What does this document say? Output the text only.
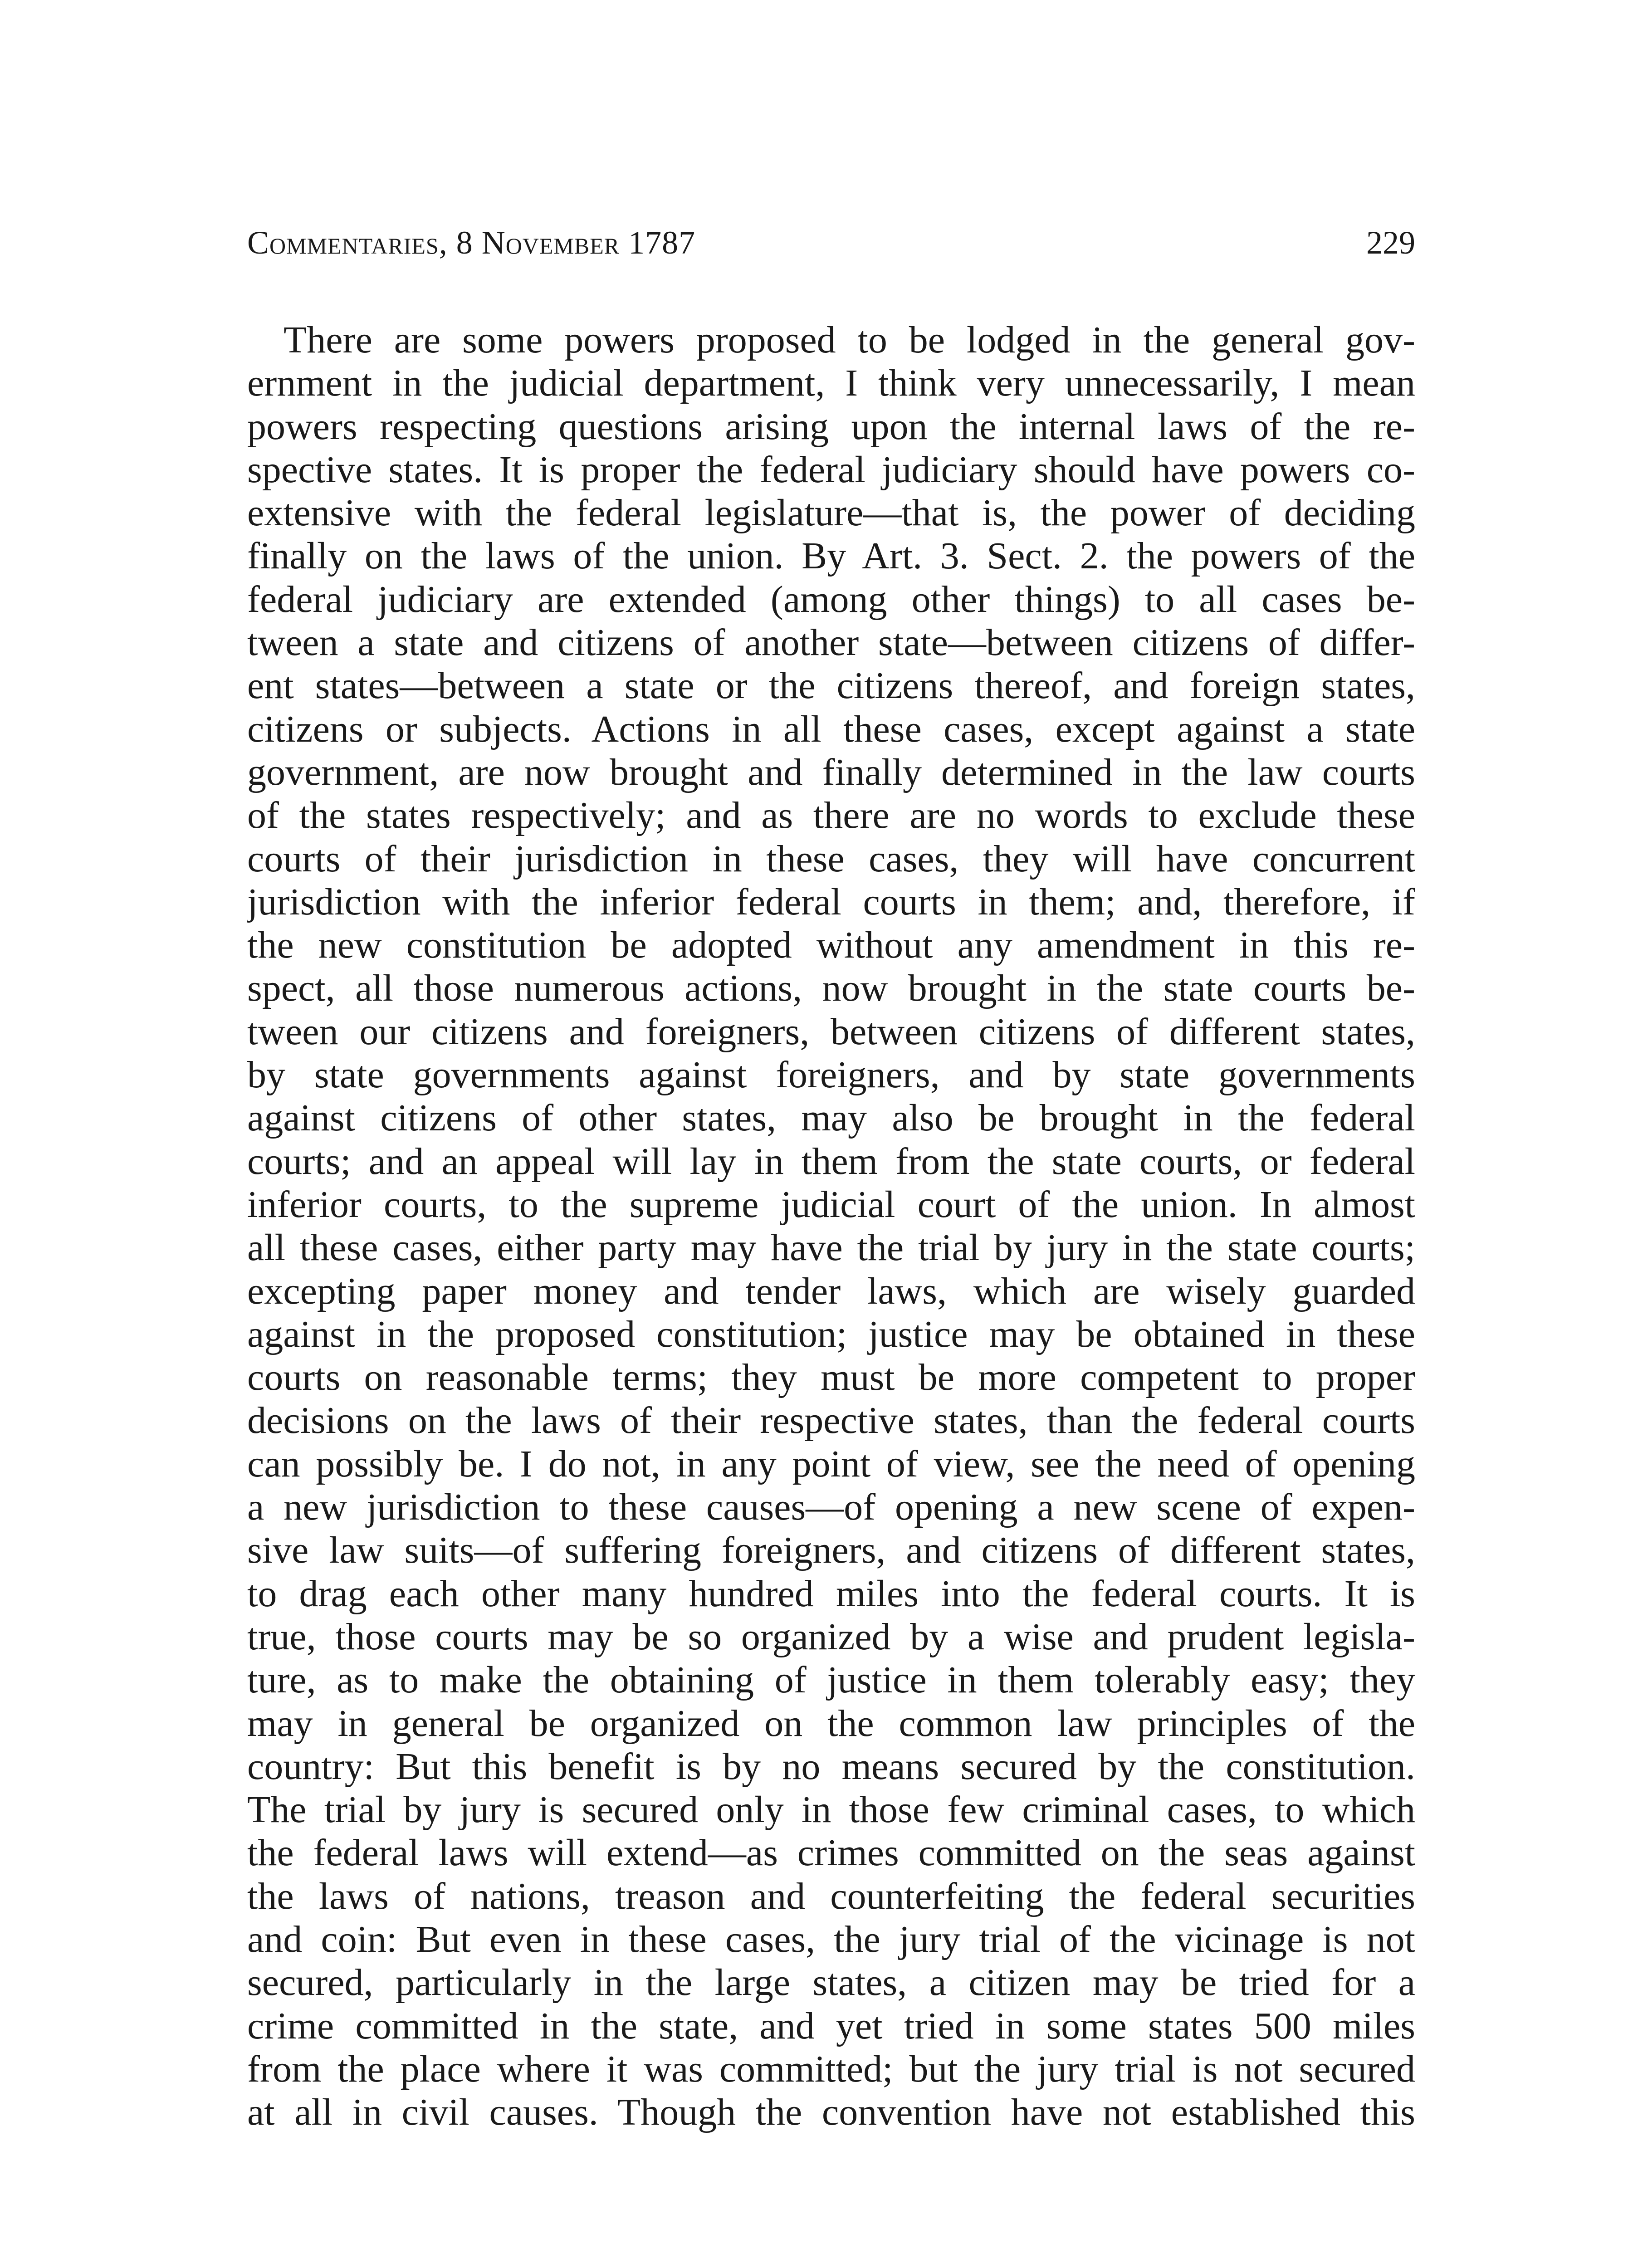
Commentaries, 8 November 1787	229
There are some powers proposed to be lodged in the general gov-
ernment in the judicial department, I think very unnecessarily, I mean
powers respecting questions arising upon the internal laws of the re-
spective states. It is proper the federal judiciary should have powers co-
extensive with the federal legislature—that is, the power of deciding
finally on the laws of the union. By Art. 3. Sect. 2. the powers of the
federal judiciary are extended (among other things) to all cases be-
tween a state and citizens of another state—between citizens of differ-
ent states—between a state or the citizens thereof, and foreign states,
citizens or subjects. Actions in all these cases, except against a state
government, are now brought and finally determined in the law courts
of the states respectively; and as there are no words to exclude these
courts of their jurisdiction in these cases, they will have concurrent
jurisdiction with the inferior federal courts in them; and, therefore, if
the new constitution be adopted without any amendment in this re-
spect, all those numerous actions, now brought in the state courts be-
tween our citizens and foreigners, between citizens of different states,
by state governments against foreigners, and by state governments
against citizens of other states, may also be brought in the federal
courts; and an appeal will lay in them from the state courts, or federal
inferior courts, to the supreme judicial court of the union. In almost
all these cases, either party may have the trial by jury in the state courts;
excepting paper money and tender laws, which are wisely guarded
against in the proposed constitution; justice may be obtained in these
courts on reasonable terms; they must be more competent to proper
decisions on the laws of their respective states, than the federal courts
can possibly be. I do not, in any point of view, see the need of opening
a new jurisdiction to these causes—of opening a new scene of expen-
sive law suits—of suffering foreigners, and citizens of different states,
to drag each other many hundred miles into the federal courts. It is
true, those courts may be so organized by a wise and prudent legisla-
ture, as to make the obtaining of justice in them tolerably easy; they
may in general be organized on the common law principles of the
country: But this benefit is by no means secured by the constitution.
The trial by jury is secured only in those few criminal cases, to which
the federal laws will extend—as crimes committed on the seas against
the laws of nations, treason and counterfeiting the federal securities
and coin: But even in these cases, the jury trial of the vicinage is not
secured, particularly in the large states, a citizen may be tried for a
crime committed in the state, and yet tried in some states 500 miles
from the place where it was committed; but the jury trial is not secured
at all in civil causes. Though the convention have not established this
